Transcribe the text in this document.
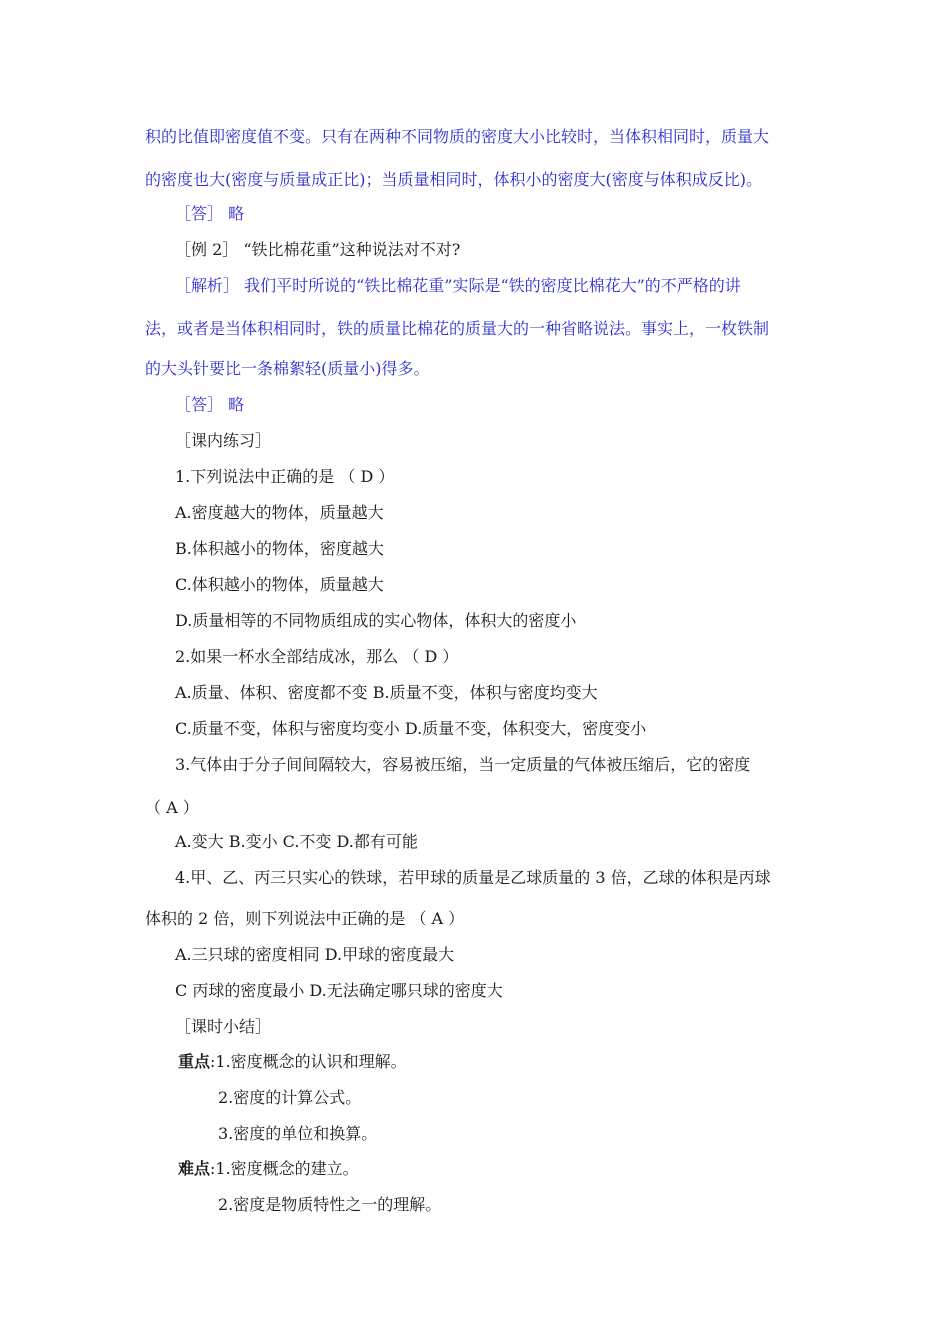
积的比值即密度值不变。只有在两种不同物质的密度大小比较时，当体积相同时，质量大
的密度也大(密度与质量成正比)；当质量相同时，体积小的密度大(密度与体积成反比)。
［答］ 略
［例 2］ “铁比棉花重”这种说法对不对?
［解析］ 我们平时所说的“铁比棉花重”实际是“铁的密度比棉花大”的不严格的讲
法，或者是当体积相同时，铁的质量比棉花的质量大的一种省略说法。事实上，一枚铁制
的大头针要比一条棉絮轻(质量小)得多。
［答］ 略
［课内练习］
1.下列说法中正确的是 （ D ）
A.密度越大的物体，质量越大
B.体积越小的物体，密度越大
C.体积越小的物体，质量越大
D.质量相等的不同物质组成的实心物体，体积大的密度小
2.如果一杯水全部结成冰，那么 （ D ）
A.质量、体积、密度都不变 B.质量不变，体积与密度均变大
C.质量不变，体积与密度均变小 D.质量不变，体积变大，密度变小
3.气体由于分子间间隔较大，容易被压缩，当一定质量的气体被压缩后，它的密度
（ A ）
A.变大 B.变小 C.不变 D.都有可能
4.甲、乙、丙三只实心的铁球，若甲球的质量是乙球质量的 3 倍，乙球的体积是丙球
体积的 2 倍，则下列说法中正确的是 （ A ）
A.三只球的密度相同 D.甲球的密度最大
C 丙球的密度最小 D.无法确定哪只球的密度大
［课时小结］
重点:1.密度概念的认识和理解。
2.密度的计算公式。
3.密度的单位和换算。
难点:1.密度概念的建立。
2.密度是物质特性之一的理解。
